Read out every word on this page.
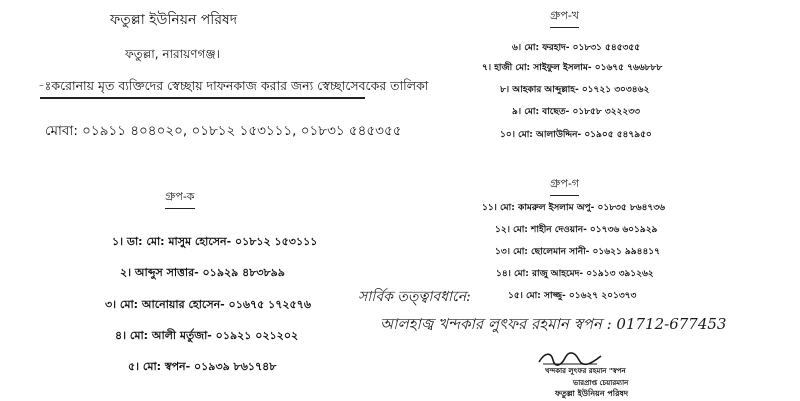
ফতুল্লা ইউনিয়ন পরিষদ
ফতুল্লা, নারায়ণগঞ্জ।
-ঃকরোনায় মৃত ব্যক্তিদের স্বেচ্ছায় দাফনকাজ করার জন্য স্বেচ্ছাসেবকের তালিকা
মোবা: ০১৯১১ ৪০৪০২০, ০১৮১২ ১৫৩১১১, ০১৮৩১ ৫৪৫৩৫৫
গ্রুপ-ক
১। ডা: মো: মাসুম হোসেন- ০১৮১২ ১৫৩১১১
২। আব্দুস সাত্তার- ০১৯২৯ ৪৮৩৮৯৯
৩। মো: আনোয়ার হোসেন- ০১৬৭৫ ১৭২৫৭৬
৪। মো: আলী মর্তুজা- ০১৯২১ ০২১২০২
৫। মো: স্বপন- ০১৯৩৯ ৮৬১৭৪৮
গ্রুপ-খ
৬। মো: ফরহাদ- ০১৮৩১ ৫৪৫৩৫৫
৭। হাজী মো: সাইফুল ইসলাম- ০১৬৭৫ ৭৬৬৮৮৮
৮। আহকার আব্দুল্লাহ- ০১৭২১ ৩০৩৪৬২
৯। মো: বাছেত- ০১৮৫৮ ৩২২২৩৩
১০। মো: আলাউদ্দিন- ০১৯০৫ ৫৪৭৯৫০
গ্রুপ-গ
১১। মো: কামরুল ইসলাম অপু- ০১৮৩৫ ৮৬৪৭৩৬
১২। মো: শাহীন দেওয়ান- ০১৭৩৬ ৬০১৯২৯
১৩। মো: ছোলেমান সানী- ০১৬২১ ৯৯৪৪১৭
১৪। মো: রাজু আহমেদ- ০১৯১৩ ৩৯১২৬২
১৫। মো: সাজ্জু- ০১৬২৭ ২০১৩৭৩
সার্বিক তত্ত্বাবধানে:
আলহাজ্ব খন্দকার লুৎফর রহমান স্বপন : 01712-677453
খন্দকার লুৎফর রহমান "স্বপন
ভারপ্রাপ্ত চেয়ারম্যান
ফতুল্লা ইউনিয়ন পরিষদ
